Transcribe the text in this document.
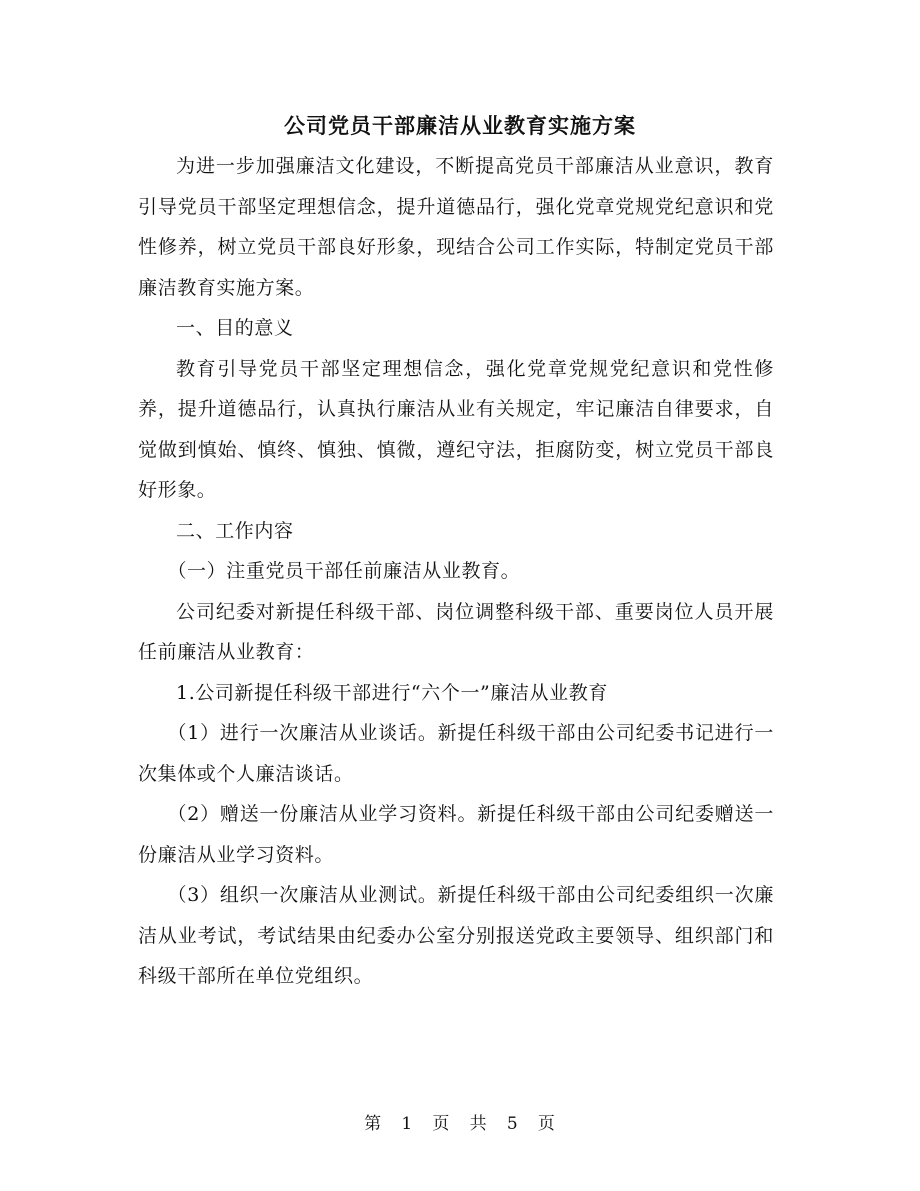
公司党员干部廉洁从业教育实施方案

为进一步加强廉洁文化建设，不断提高党员干部廉洁从业意识，教育引导党员干部坚定理想信念，提升道德品行，强化党章党规党纪意识和党性修养，树立党员干部良好形象，现结合公司工作实际，特制定党员干部廉洁教育实施方案。

一、目的意义

教育引导党员干部坚定理想信念，强化党章党规党纪意识和党性修养，提升道德品行，认真执行廉洁从业有关规定，牢记廉洁自律要求，自觉做到慎始、慎终、慎独、慎微，遵纪守法，拒腐防变，树立党员干部良好形象。

二、工作内容

（一）注重党员干部任前廉洁从业教育。

公司纪委对新提任科级干部、岗位调整科级干部、重要岗位人员开展任前廉洁从业教育：

1.公司新提任科级干部进行“六个一”廉洁从业教育

（1）进行一次廉洁从业谈话。新提任科级干部由公司纪委书记进行一次集体或个人廉洁谈话。

（2）赠送一份廉洁从业学习资料。新提任科级干部由公司纪委赠送一份廉洁从业学习资料。

（3）组织一次廉洁从业测试。新提任科级干部由公司纪委组织一次廉洁从业考试，考试结果由纪委办公室分别报送党政主要领导、组织部门和科级干部所在单位党组织。

第 1 页 共 5 页
